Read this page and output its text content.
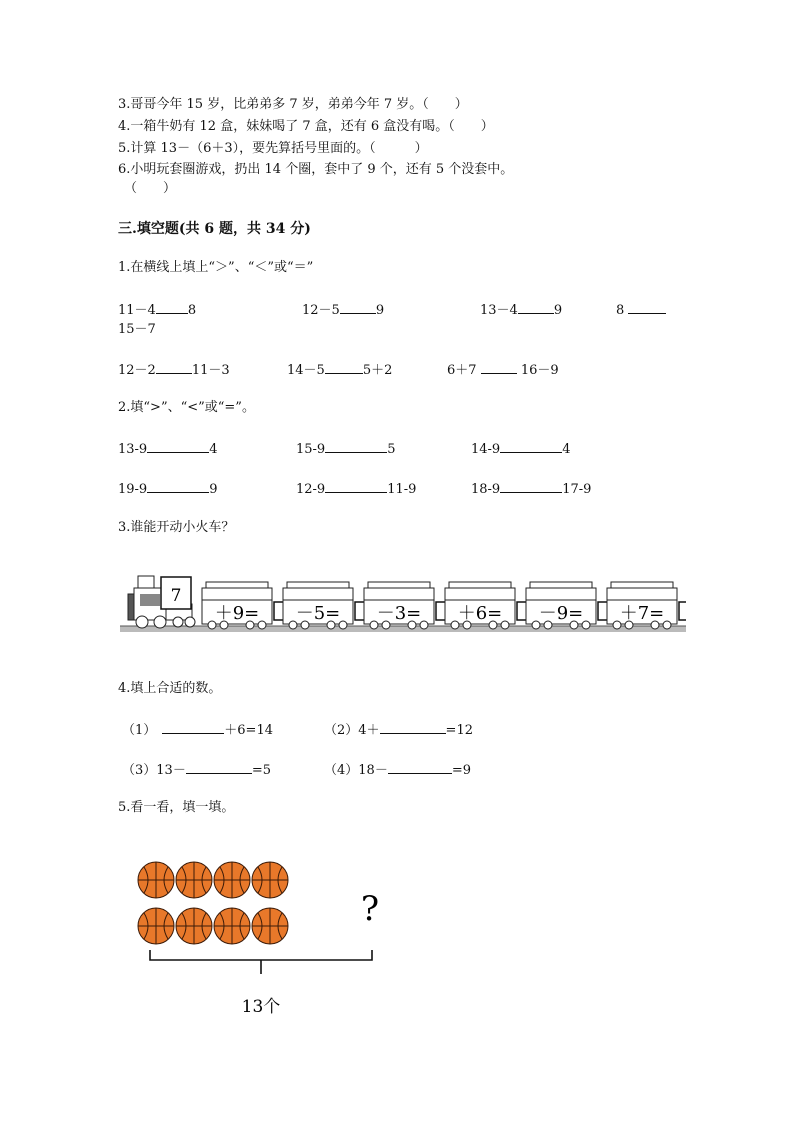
3.哥哥今年 15 岁，比弟弟多 7 岁，弟弟今年 7 岁。（　　）
4.一箱牛奶有 12 盒，妹妹喝了 7 盒，还有 6 盒没有喝。（　　）
5.计算 13－（6＋3），要先算括号里面的。（　　　）
6.小明玩套圈游戏，扔出 14 个圈，套中了 9 个，还有 5 个没套中。
（　　）
三.填空题(共 6 题，共 34 分)
1.在横线上填上“＞”、“＜”或“＝”
11－4 8	12－5	9	13－4	9	8
15－7
12－2	11－3	14－5	5＋2	6＋7	16－9
2.填“>”、“<”或“=”。
13-9	4	15-9	5	14-9	4
19-9	9	12-9	11-9	18-9	17-9
3.谁能开动小火车？
7
＋9= －5= －3= ＋6= －9= ＋7=
4.填上合适的数。
（1）	＋6=14	（2）4＋	=12
（3）13－	=5	（4）18－	=9
5.看一看，填一填。
?
13个
